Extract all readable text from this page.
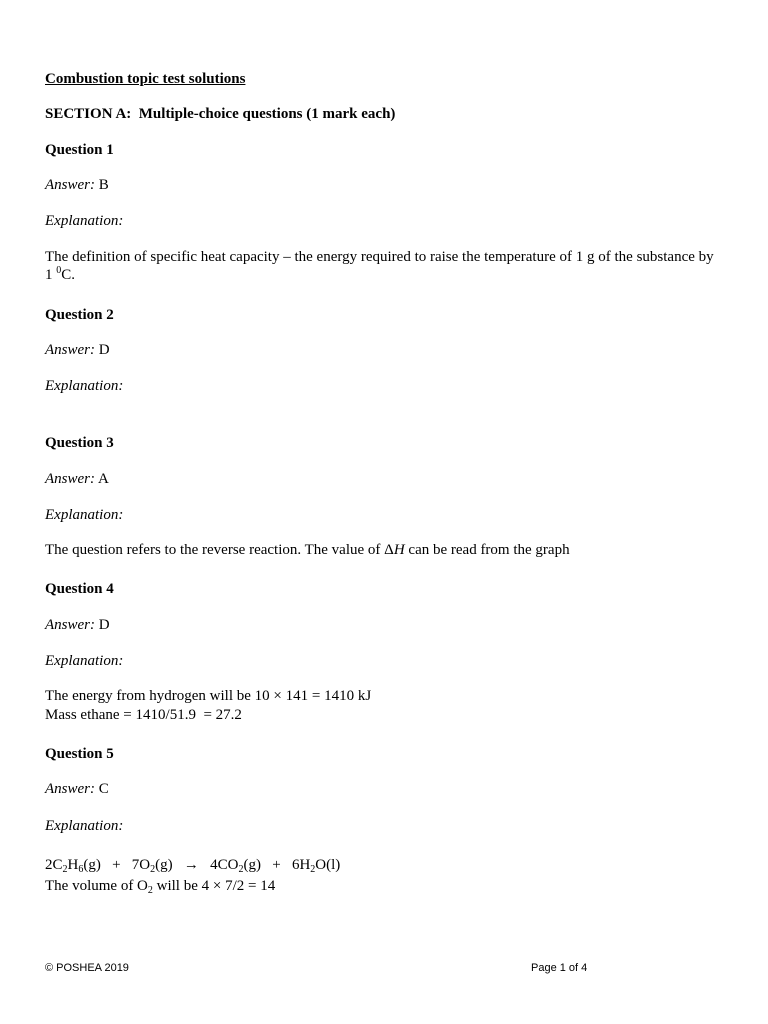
Combustion topic test solutions
SECTION A:  Multiple-choice questions (1 mark each)
Question 1
Answer: B
Explanation:
The definition of specific heat capacity – the energy required to raise the temperature of 1 g of the substance by
1 $^0$C.
Question 2
Answer: D
Explanation:
Question 3
Answer: A
Explanation:
The question refers to the reverse reaction. The value of ΔH can be read from the graph
Question 4
Answer: D
Explanation:
The energy from hydrogen will be 10 × 141 = 1410 kJ
Mass ethane = 1410/51.9  = 27.2
Question 5
Answer: C
Explanation:
$2C_2H_6(g) + 7O_2(g) \to 4CO_2(g) + 6H_2O(l)$
The volume of $O_2$ will be 4 × 7/2 = 14
© POSHEA 2019	Page 1 of 4
